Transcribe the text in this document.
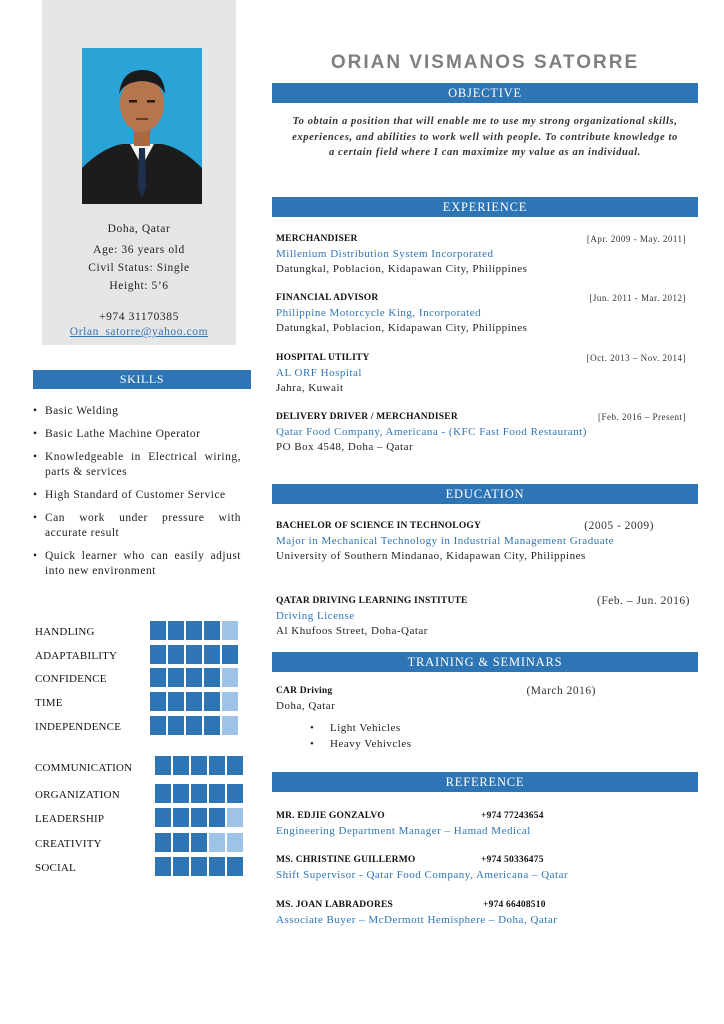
Doha, Qatar
Age: 36 years old
Civil Status: Single
Height: 5’6
+974 31170385
Orlan_satorre@yahoo.com
SKILLS
• Basic Welding
• Basic Lathe Machine Operator
• Knowledgeable in Electrical wiring, parts & services
• High Standard of Customer Service
• Can work under pressure with accurate result
• Quick learner who can easily adjust into new environment
HANDLING
ADAPTABILITY
CONFIDENCE
TIME
INDEPENDENCE
COMMUNICATION
ORGANIZATION
LEADERSHIP
CREATIVITY
SOCIAL
ORIAN VISMANOS SATORRE
OBJECTIVE
To obtain a position that will enable me to use my strong organizational skills, experiences, and abilities to work well with people. To contribute knowledge to a certain field where I can maximize my value as an individual.
EXPERIENCE
MERCHANDISER	[Apr. 2009 - May. 2011]
Millenium Distribution System Incorporated
Datungkal, Poblacion, Kidapawan City, Philippines
FINANCIAL ADVISOR	[Jun. 2011 - Mar. 2012]
Philippine Motorcycle King, Incorporated
Datungkal, Poblacion, Kidapawan City, Philippines
HOSPITAL UTILITY	[Oct. 2013 – Nov. 2014]
AL ORF Hospital
Jahra, Kuwait
DELIVERY DRIVER / MERCHANDISER	[Feb. 2016 – Present]
Qatar Food Company, Americana - (KFC Fast Food Restaurant)
PO Box 4548, Doha – Qatar
EDUCATION
BACHELOR OF SCIENCE IN TECHNOLOGY	(2005 - 2009)
Major in Mechanical Technology in Industrial Management Graduate
University of Southern Mindanao, Kidapawan City, Philippines
QATAR DRIVING LEARNING INSTITUTE	(Feb. – Jun. 2016)
Driving License
Al Khufoos Street, Doha-Qatar
TRAINING & SEMINARS
CAR Driving	(March 2016)
Doha, Qatar
• Light Vehicles
• Heavy Vehivcles
REFERENCE
MR. EDJIE GONZALVO	+974 77243654
Engineering Department Manager – Hamad Medical
MS. CHRISTINE GUILLERMO	+974 50336475
Shift Supervisor - Qatar Food Company, Americana – Qatar
MS. JOAN LABRADORES	+974 66408510
Associate Buyer – McDermott Hemisphere – Doha, Qatar
